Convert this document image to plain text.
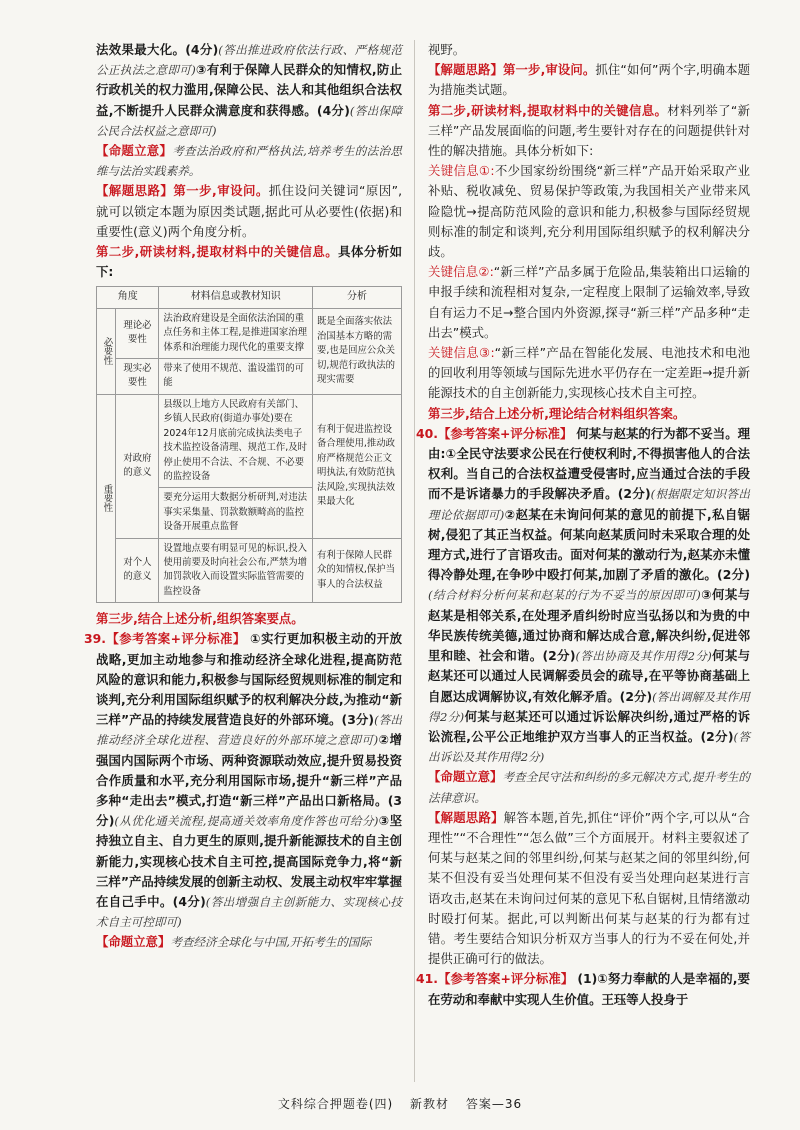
法效果最大化。(4分)(答出推进政府依法行政、严格规范公正执法之意即可)③有利于保障人民群众的知情权,防止行政机关的权力滥用,保障公民、法人和其他组织合法权益,不断提升人民群众满意度和获得感。(4分)(答出保障公民合法权益之意即可)

【命题立意】考查法治政府和严格执法,培养考生的法治思维与法治实践素养。

【解题思路】第一步,审设问。抓住设问关键词“原因”,就可以锁定本题为原因类试题,据此可从必要性(依据)和重要性(意义)两个角度分析。

第二步,研读材料,提取材料中的关键信息。具体分析如下:

角度		材料信息或教材知识	分析
必要性	理论必要性	法治政府建设是全面依法治国的重点任务和主体工程,是推进国家治理体系和治理能力现代化的重要支撑	既是全面落实依法治国基本方略的需要,也是回应公众关切,规范行政执法的现实需要
	现实必要性	带来了使用不规范、滥设滥罚的可能	
重要性	对政府的意义	县级以上地方人民政府有关部门、乡镇人民政府(街道办事处)要在2024年12月底前完成执法类电子技术监控设备清理、规范工作,及时停止使用不合法、不合规、不必要的监控设备	有利于促进监控设备合理使用,推动政府严格规范公正文明执法,有效防范执法风险,实现执法效果最大化
		要充分运用大数据分析研判,对违法事实采集量、罚款数额畸高的监控设备开展重点监督	
	对个人的意义	设置地点要有明显可见的标识,投入使用前要及时向社会公布,严禁为增加罚款收入而设置实际监管需要的监控设备	有利于保障人民群众的知情权,保护当事人的合法权益

第三步,结合上述分析,组织答案要点。

39.【参考答案+评分标准】 ①实行更加积极主动的开放战略,更加主动地参与和推动经济全球化进程,提高防范风险的意识和能力,积极参与国际经贸规则标准的制定和谈判,充分利用国际组织赋予的权利解决分歧,为推动“新三样”产品的持续发展营造良好的外部环境。(3分)(答出推动经济全球化进程、营造良好的外部环境之意即可)②增强国内国际两个市场、两种资源联动效应,提升贸易投资合作质量和水平,充分利用国际市场,提升“新三样”产品多种“走出去”模式,打造“新三样”产品出口新格局。(3分)(从优化通关流程,提高通关效率角度作答也可给分)③坚持独立自主、自力更生的原则,提升新能源技术的自主创新能力,实现核心技术自主可控,提高国际竞争力,将“新三样”产品持续发展的创新主动权、发展主动权牢牢掌握在自己手中。(4分)(答出增强自主创新能力、实现核心技术自主可控即可)

【命题立意】考查经济全球化与中国,开拓考生的国际

视野。

【解题思路】第一步,审设问。抓住“如何”两个字,明确本题为措施类试题。

第二步,研读材料,提取材料中的关键信息。材料列举了“新三样”产品发展面临的问题,考生要针对存在的问题提供针对性的解决措施。具体分析如下:

关键信息①:不少国家纷纷围绕“新三样”产品开始采取产业补贴、税收减免、贸易保护等政策,为我国相关产业带来风险隐忧→提高防范风险的意识和能力,积极参与国际经贸规则标准的制定和谈判,充分利用国际组织赋予的权利解决分歧。

关键信息②:“新三样”产品多属于危险品,集装箱出口运输的申报手续和流程相对复杂,一定程度上限制了运输效率,导致自有运力不足→整合国内外资源,探寻“新三样”产品多种“走出去”模式。

关键信息③:“新三样”产品在智能化发展、电池技术和电池的回收利用等领域与国际先进水平仍存在一定差距→提升新能源技术的自主创新能力,实现核心技术自主可控。

第三步,结合上述分析,理论结合材料组织答案。

40.【参考答案+评分标准】 何某与赵某的行为都不妥当。理由:①全民守法要求公民在行使权利时,不得损害他人的合法权利。当自己的合法权益遭受侵害时,应当通过合法的手段而不是诉诸暴力的手段解决矛盾。(2分)(根据限定知识答出理论依据即可)②赵某在未询问何某的意见的前提下,私自锯树,侵犯了其正当权益。何某向赵某质问时未采取合理的处理方式,进行了言语攻击。面对何某的激动行为,赵某亦未懂得冷静处理,在争吵中殴打何某,加剧了矛盾的激化。(2分)(结合材料分析何某和赵某的行为不妥当的原因即可)③何某与赵某是相邻关系,在处理矛盾纠纷时应当弘扬以和为贵的中华民族传统美德,通过协商和解达成合意,解决纠纷,促进邻里和睦、社会和谐。(2分)(答出协商及其作用得2分)何某与赵某还可以通过人民调解委员会的疏导,在平等协商基础上自愿达成调解协议,有效化解矛盾。(2分)(答出调解及其作用得2分)何某与赵某还可以通过诉讼解决纠纷,通过严格的诉讼流程,公平公正地维护双方当事人的正当权益。(2分)(答出诉讼及其作用得2分)

【命题立意】考查全民守法和纠纷的多元解决方式,提升考生的法律意识。

【解题思路】解答本题,首先,抓住“评价”两个字,可以从“合理性”“不合理性”“怎么做”三个方面展开。材料主要叙述了何某与赵某之间的邻里纠纷,何某与赵某之间的邻里纠纷,何某不但没有妥当处理何某不但没有妥当处理向赵某进行言语攻击,赵某在未询问过何某的意见下私自锯树,且情绪激动时殴打何某。据此,可以判断出何某与赵某的行为都有过错。考生要结合知识分析双方当事人的行为不妥在何处,并提供正确可行的做法。

41.【参考答案+评分标准】 (1)①努力奉献的人是幸福的,要在劳动和奉献中实现人生价值。王珏等人投身于

文科综合押题卷(四) 新教材 答案—36
